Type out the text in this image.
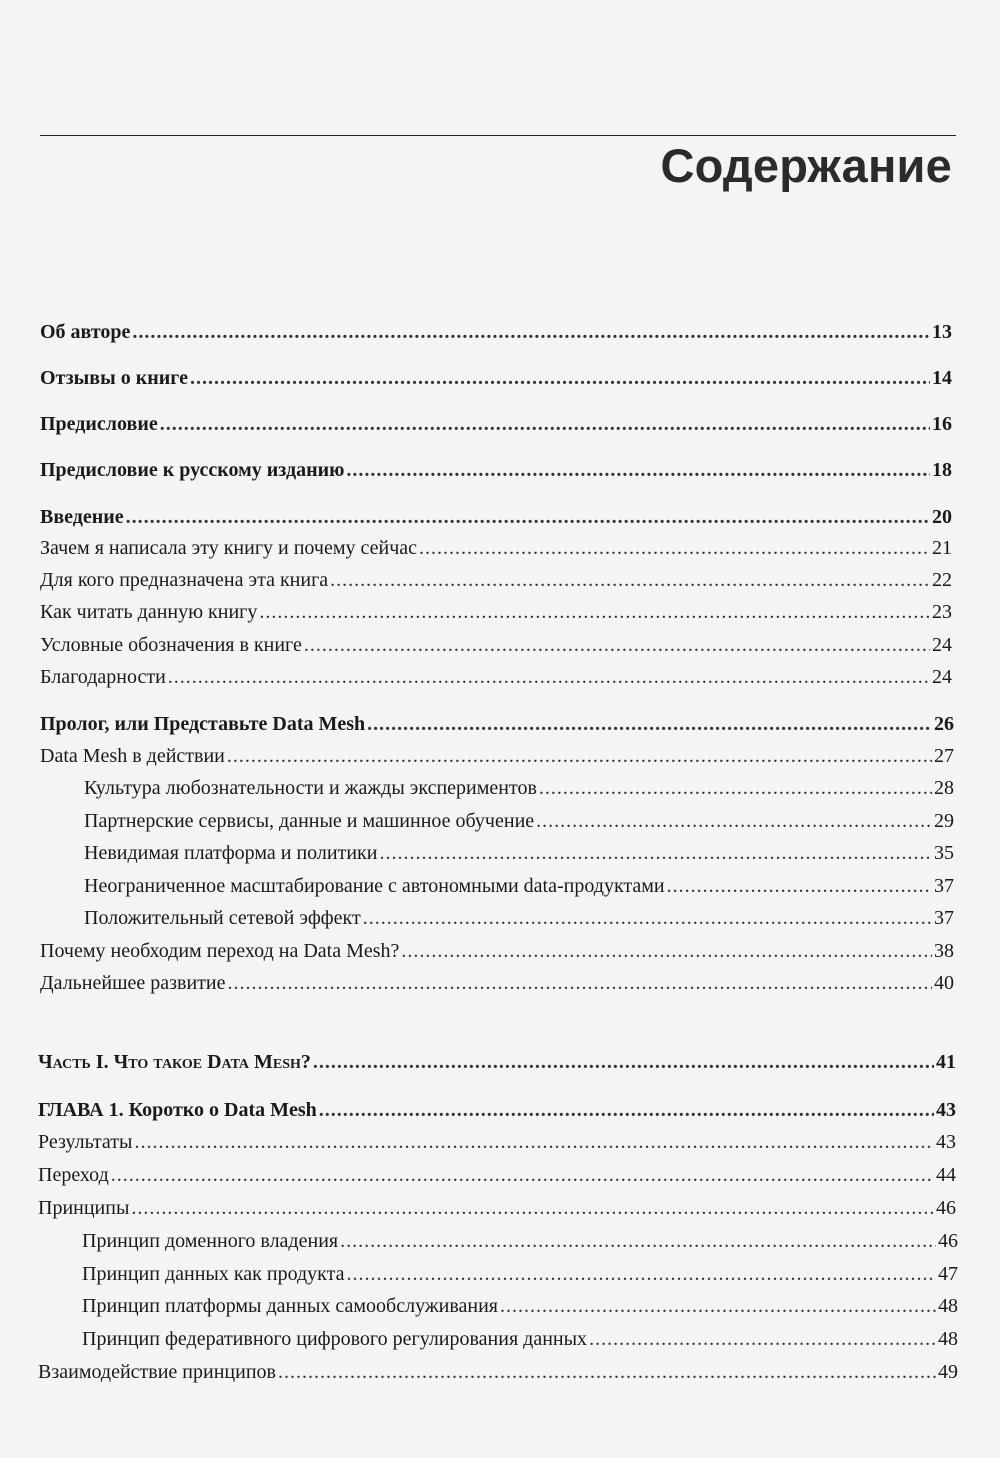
Содержание
Об авторе .....	13
Отзывы о книге .....	14
Предисловие .....	16
Предисловие к русскому изданию .....	18
Введение .....	20
Зачем я написала эту книгу и почему сейчас .....	21
Для кого предназначена эта книга .....	22
Как читать данную книгу .....	23
Условные обозначения в книге .....	24
Благодарности .....	24
Пролог, или Представьте Data Mesh .....	26
Data Mesh в действии .....	27
Культура любознательности и жажды экспериментов .....	28
Партнерские сервисы, данные и машинное обучение .....	29
Невидимая платформа и политики .....	35
Неограниченное масштабирование с автономными data-продуктами .....	37
Положительный сетевой эффект .....	37
Почему необходим переход на Data Mesh? .....	38
Дальнейшее развитие .....	40
Часть I. Что такое Data Mesh? .....	41
ГЛАВА 1. Коротко о Data Mesh .....	43
Результаты .....	43
Переход .....	44
Принципы .....	46
Принцип доменного владения .....	46
Принцип данных как продукта .....	47
Принцип платформы данных самообслуживания .....	48
Принцип федеративного цифрового регулирования данных .....	48
Взаимодействие принципов .....	49
